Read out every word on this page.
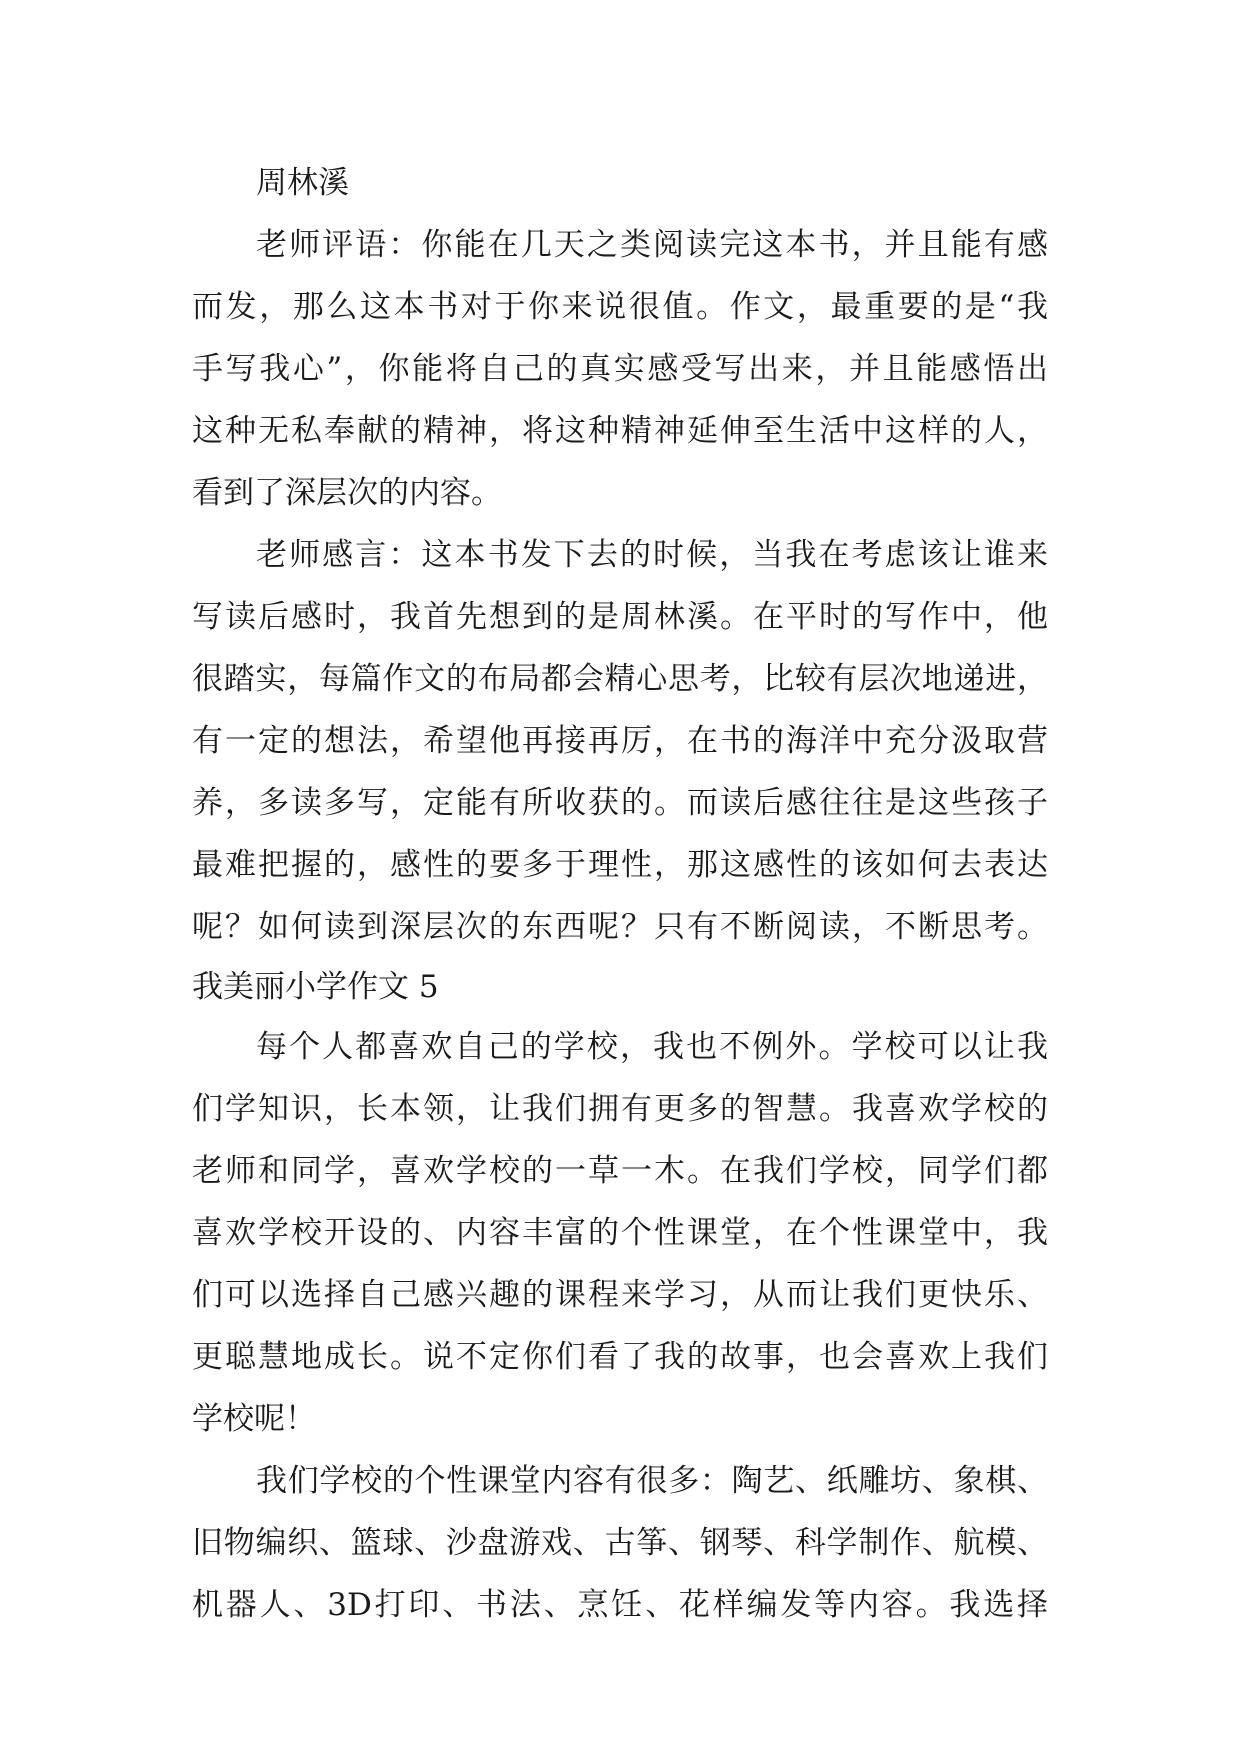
周林溪
老师评语：你能在几天之类阅读完这本书，并且能有感
而发，那么这本书对于你来说很值。作文，最重要的是“我
手写我心”，你能将自己的真实感受写出来，并且能感悟出
这种无私奉献的精神，将这种精神延伸至生活中这样的人，
看到了深层次的内容。
老师感言：这本书发下去的时候，当我在考虑该让谁来
写读后感时，我首先想到的是周林溪。在平时的写作中，他
很踏实，每篇作文的布局都会精心思考，比较有层次地递进，
有一定的想法，希望他再接再厉，在书的海洋中充分汲取营
养，多读多写，定能有所收获的。而读后感往往是这些孩子
最难把握的，感性的要多于理性，那这感性的该如何去表达
呢？如何读到深层次的东西呢？只有不断阅读，不断思考。
我美丽小学作文 5
每个人都喜欢自己的学校，我也不例外。学校可以让我
们学知识，长本领，让我们拥有更多的智慧。我喜欢学校的
老师和同学，喜欢学校的一草一木。在我们学校，同学们都
喜欢学校开设的、内容丰富的个性课堂，在个性课堂中，我
们可以选择自己感兴趣的课程来学习，从而让我们更快乐、
更聪慧地成长。说不定你们看了我的故事，也会喜欢上我们
学校呢！
我们学校的个性课堂内容有很多：陶艺、纸雕坊、象棋、
旧物编织、篮球、沙盘游戏、古筝、钢琴、科学制作、航模、
机器人、3D打印、书法、烹饪、花样编发等内容。我选择
